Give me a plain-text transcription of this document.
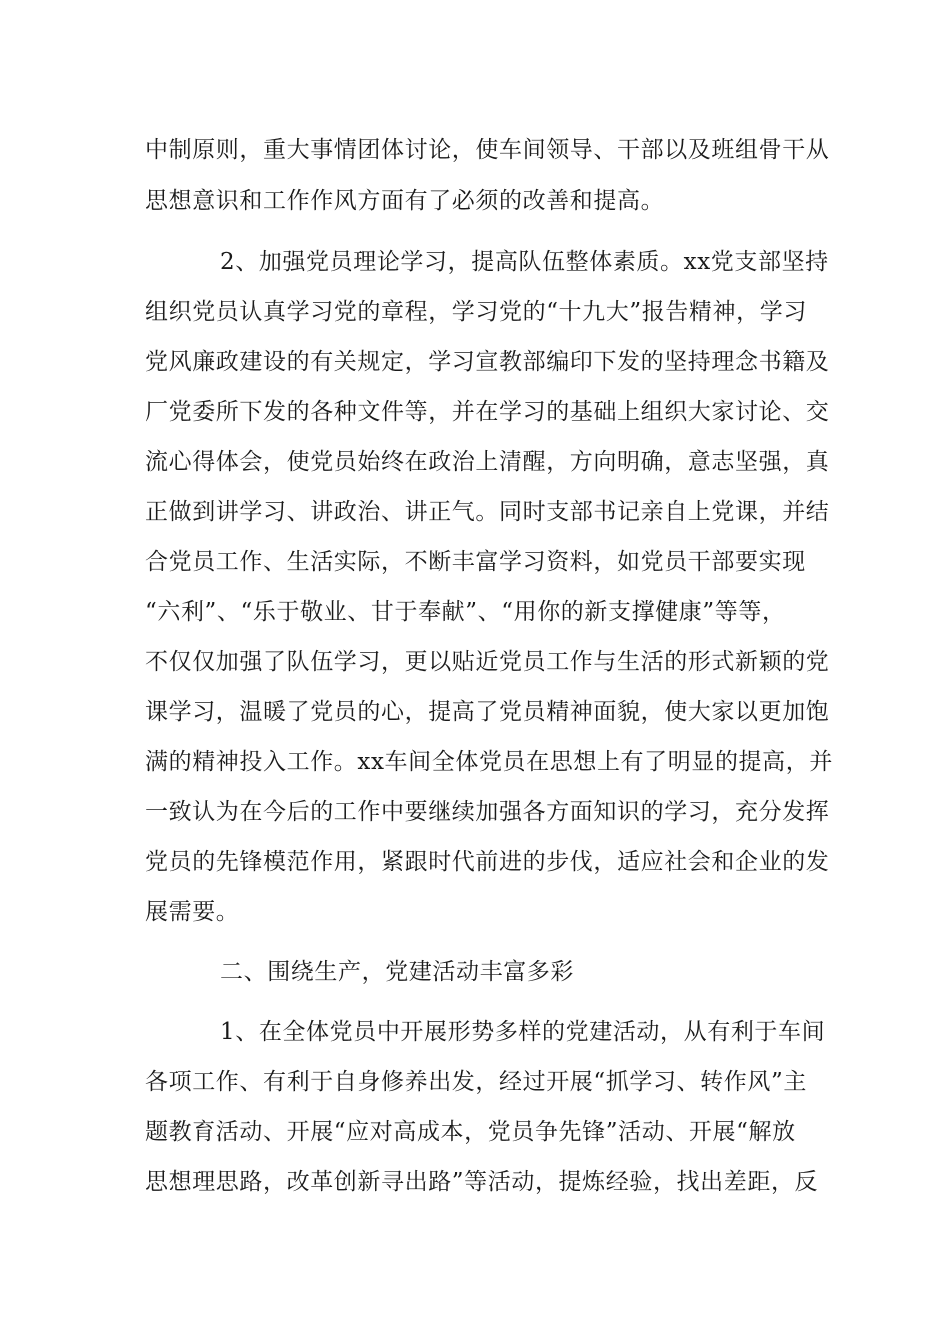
中制原则，重大事情团体讨论，使车间领导、干部以及班组骨干从
思想意识和工作作风方面有了必须的改善和提高。
2、加强党员理论学习，提高队伍整体素质。xx党支部坚持
组织党员认真学习党的章程，学习党的“十九大”报告精神，学习
党风廉政建设的有关规定，学习宣教部编印下发的坚持理念书籍及
厂党委所下发的各种文件等，并在学习的基础上组织大家讨论、交
流心得体会，使党员始终在政治上清醒，方向明确，意志坚强，真
正做到讲学习、讲政治、讲正气。同时支部书记亲自上党课，并结
合党员工作、生活实际，不断丰富学习资料，如党员干部要实现
“六利”、“乐于敬业、甘于奉献”、“用你的新支撑健康”等等，
不仅仅加强了队伍学习，更以贴近党员工作与生活的形式新颖的党
课学习，温暖了党员的心，提高了党员精神面貌，使大家以更加饱
满的精神投入工作。xx车间全体党员在思想上有了明显的提高，并
一致认为在今后的工作中要继续加强各方面知识的学习，充分发挥
党员的先锋模范作用，紧跟时代前进的步伐，适应社会和企业的发
展需要。
二、围绕生产，党建活动丰富多彩
1、在全体党员中开展形势多样的党建活动，从有利于车间
各项工作、有利于自身修养出发，经过开展“抓学习、转作风”主
题教育活动、开展“应对高成本，党员争先锋”活动、开展“解放
思想理思路，改革创新寻出路”等活动，提炼经验，找出差距，反
